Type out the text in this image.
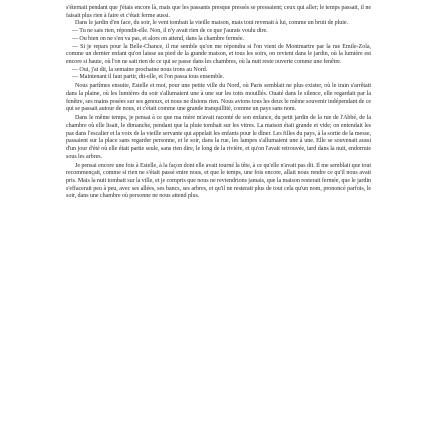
s'éternait pendant que j'étais encore là, mais que les passants presque pressés se pressaient; ceux qui aller; le temps passait, il ne faisait plus rien à faire et c'était ferme aussi.

Dans le jardin d'en face, du soir, le vent tombait la vieille maison, mais tout revenait à lui, comme un bruit de pluie.

— Tu ne sais rien, répondit-elle. Non, il n'y avait rien de ce que j'aurais voulu dire.

— Ou bien on ne s'en va pas, et alors on attend, dans la chambre fermée.

— Si je repars pour la Belle-Chance, il me semble qu'on me répondra si l'on vient de Montmartre par la rue Emile-Zola, comme un dernier enfant qu'on laisse au pied de la grande maison, et tous les soirs, on revient dans le jardin, où la lumière est encore si haute, où l'on ne sait rien de ce qui se passe dans les chambres, où la nuit reste ouverte comme une fenêtre.

— Oui, j'ai dit, la semaine prochaine nous irons au Nord.

— Maintenant il faut partir, dit-elle, et l'on passa tous ensemble.

Nous partîmes ensuite, Estelle et moi, pour une petite ville du Nord, où Paris semblait ne plus exister, où le train s'arrêtait dans la plaine, où les lumières du soir s'allumaient une à une sur les toits mouillés. Ouaté dans le silence, elle regardait par la fenêtre, ses mains posées sur ses genoux, et nous ne disions rien. Nous avions tous les deux le même souvenir indépendant de ce qui se passait autour de nous, et c'était comme une grande tranquillité, comme un pays sans nom.

Dans le même temps, je pensai à ce que ma mère m'avait raconté de son enfance, du petit jardin de la rue de l'Abbé, de la chambre où elle lisait, le dimanche, pendant que la pluie tombait sur les vitres. La maison était grande et vide; on entendait les pas dans l'escalier et la voix de la vieille servante qui appelait les enfants pour le dîner. Les filles du pays, à la sortie de la messe, passaient sur la place sans regarder personne, et le soir, dans la rue, les lampes s'allumaient une à une. Elle se souvenait aussi d'un jour d'été où elle était partie seule, sans rien dire, le long de la rivière, et qu'on l'avait retrouvée, tard dans la nuit, endormie sous les arbres.

Je pensai encore une fois à Estelle, à la façon dont elle avait tourné la tête, à ce qu'elle n'avait pas dit. Il me semblait que tout recommençait, comme si rien ne s'était passé entre nous, et que le temps, une fois encore, allait nous rendre ce qu'il nous avait pris. Mais la nuit tombait sur la ville, et je compris que nous ne reviendrions jamais, que la maison resterait fermée, que le jardin s'effacerait peu à peu, avec ses allées, ses bancs, ses arbres, et qu'il ne resterait plus de tout cela qu'un nom, prononcé parfois, le soir, dans une chambre où personne ne nous attend plus.
